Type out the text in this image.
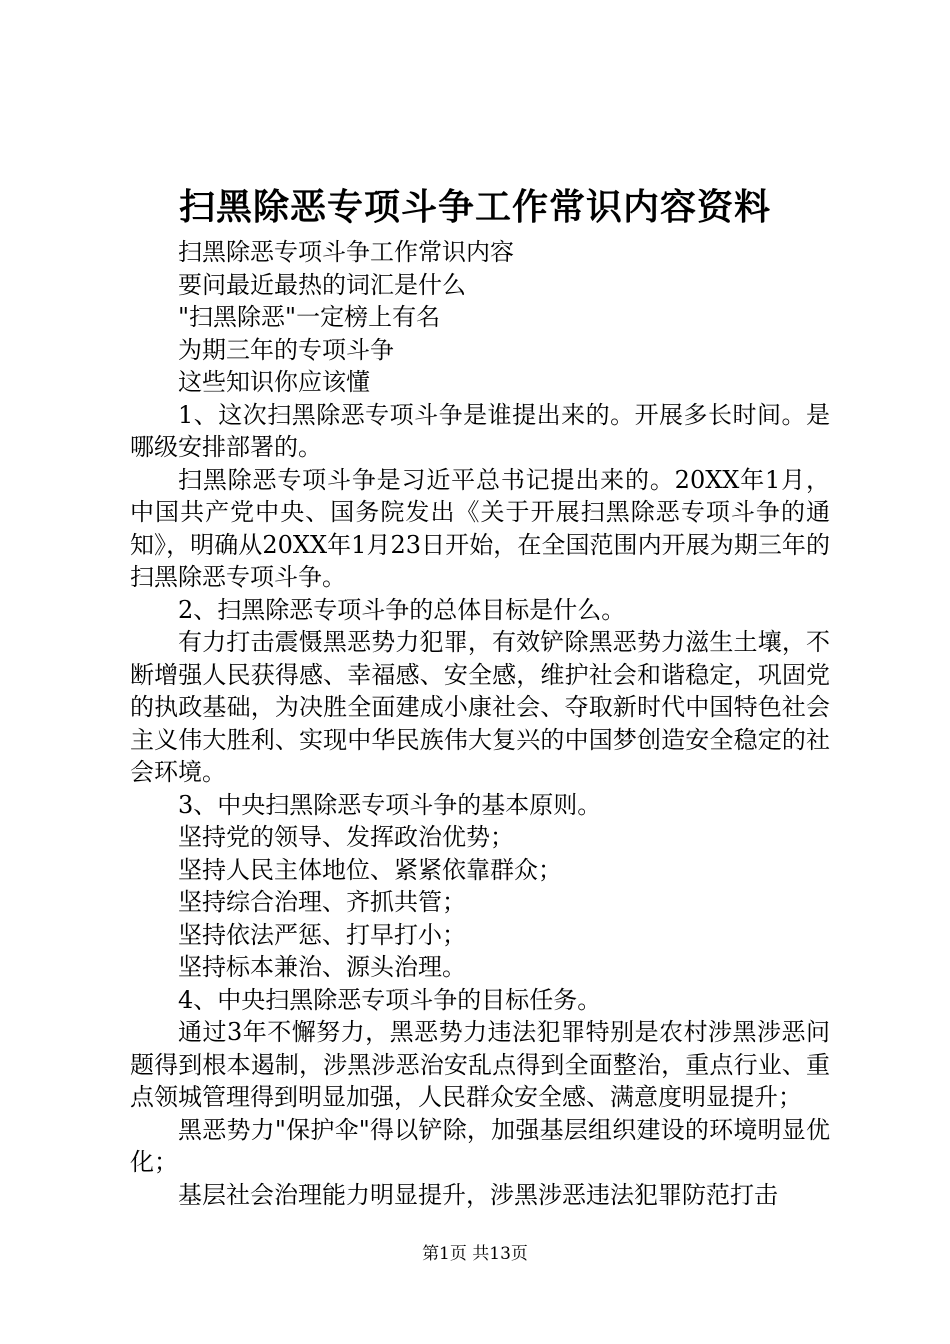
扫黑除恶专项斗争工作常识内容资料

扫黑除恶专项斗争工作常识内容

要问最近最热的词汇是什么

"扫黑除恶"一定榜上有名

为期三年的专项斗争

这些知识你应该懂

1、这次扫黑除恶专项斗争是谁提出来的。开展多长时间。是哪级安排部署的。

扫黑除恶专项斗争是习近平总书记提出来的。20XX年1月，中国共产党中央、国务院发出《关于开展扫黑除恶专项斗争的通知》，明确从20XX年1月23日开始，在全国范围内开展为期三年的扫黑除恶专项斗争。

2、扫黑除恶专项斗争的总体目标是什么。

有力打击震慑黑恶势力犯罪，有效铲除黑恶势力滋生土壤，不断增强人民获得感、幸福感、安全感，维护社会和谐稳定，巩固党的执政基础，为决胜全面建成小康社会、夺取新时代中国特色社会主义伟大胜利、实现中华民族伟大复兴的中国梦创造安全稳定的社会环境。

3、中央扫黑除恶专项斗争的基本原则。

坚持党的领导、发挥政治优势；

坚持人民主体地位、紧紧依靠群众；

坚持综合治理、齐抓共管；

坚持依法严惩、打早打小；

坚持标本兼治、源头治理。

4、中央扫黑除恶专项斗争的目标任务。

通过3年不懈努力，黑恶势力违法犯罪特别是农村涉黑涉恶问题得到根本遏制，涉黑涉恶治安乱点得到全面整治，重点行业、重点领城管理得到明显加强，人民群众安全感、满意度明显提升；

黑恶势力"保护伞"得以铲除，加强基层组织建设的环境明显优化；

基层社会治理能力明显提升，涉黑涉恶违法犯罪防范打击

第1页 共13页
